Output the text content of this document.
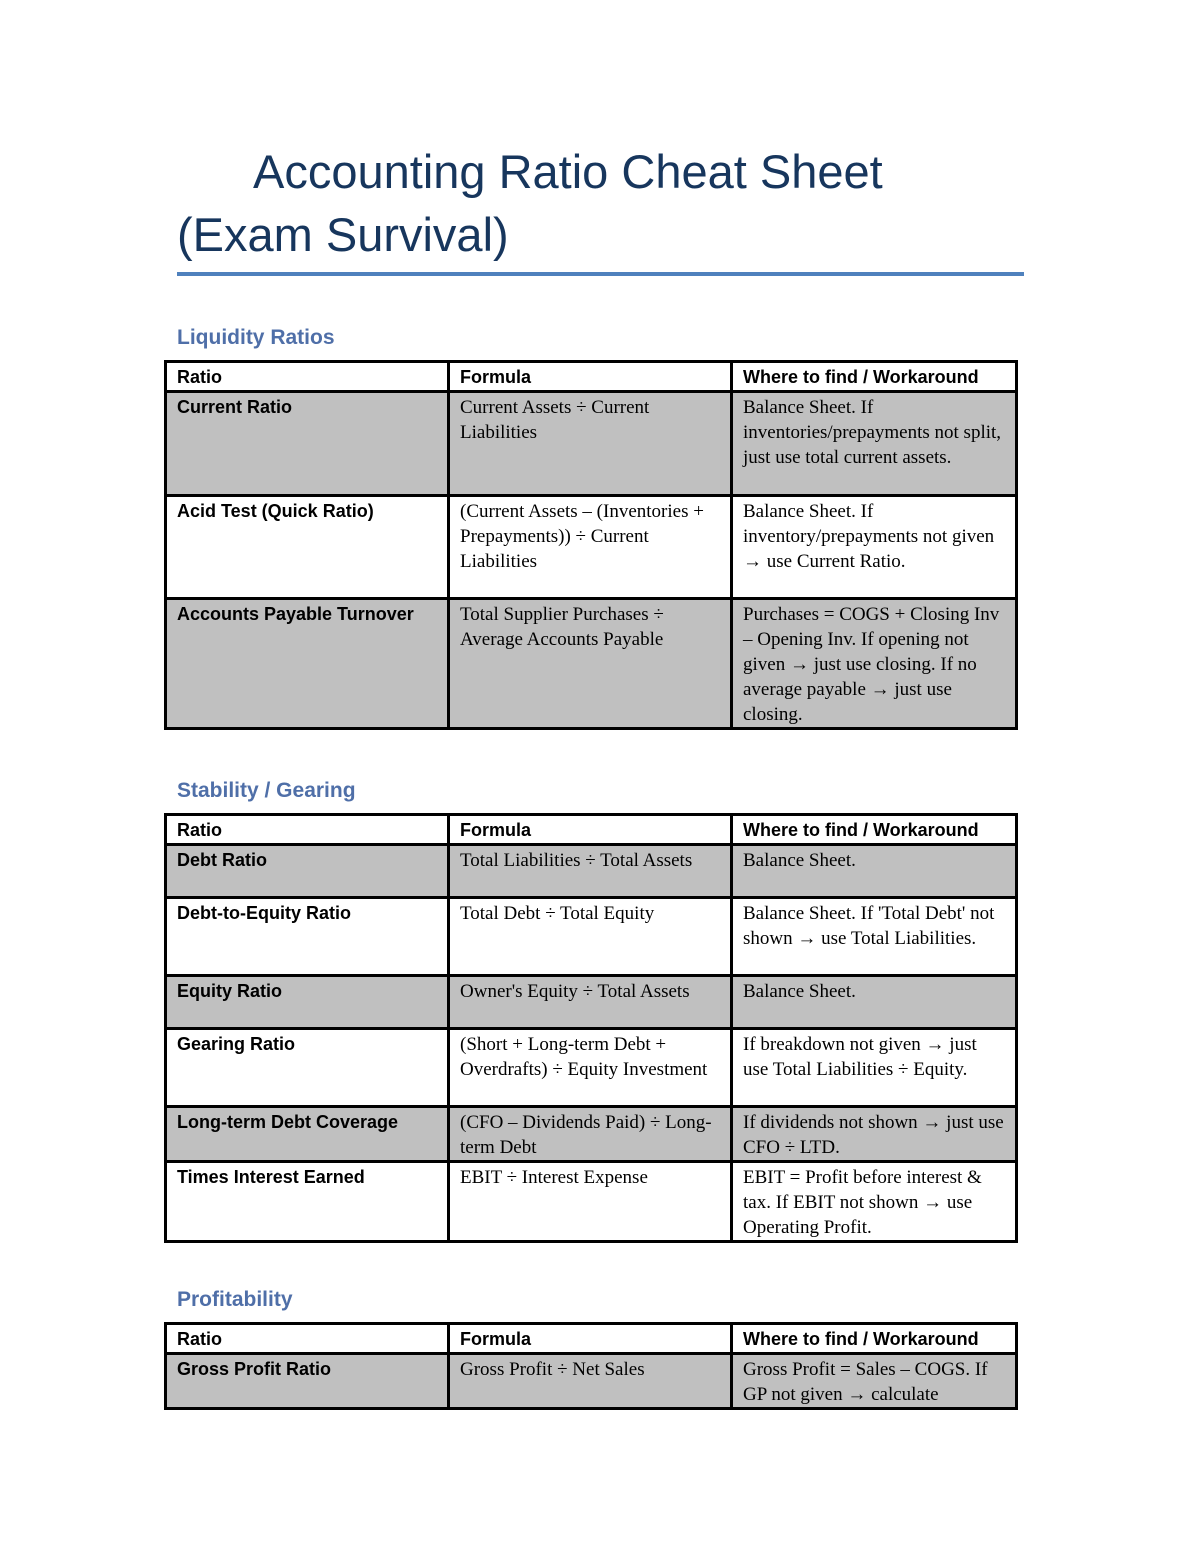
Accounting Ratio Cheat Sheet (Exam Survival)
Liquidity Ratios
Ratio	Formula	Where to find / Workaround
Current Ratio	Current Assets ÷ Current Liabilities	Balance Sheet. If inventories/prepayments not split, just use total current assets.
Acid Test (Quick Ratio)	(Current Assets – (Inventories + Prepayments)) ÷ Current Liabilities	Balance Sheet. If inventory/prepayments not given → use Current Ratio.
Accounts Payable Turnover	Total Supplier Purchases ÷ Average Accounts Payable	Purchases = COGS + Closing Inv – Opening Inv. If opening not given → just use closing. If no average payable → just use closing.
Stability / Gearing
Ratio	Formula	Where to find / Workaround
Debt Ratio	Total Liabilities ÷ Total Assets	Balance Sheet.
Debt-to-Equity Ratio	Total Debt ÷ Total Equity	Balance Sheet. If 'Total Debt' not shown → use Total Liabilities.
Equity Ratio	Owner's Equity ÷ Total Assets	Balance Sheet.
Gearing Ratio	(Short + Long-term Debt + Overdrafts) ÷ Equity Investment	If breakdown not given → just use Total Liabilities ÷ Equity.
Long-term Debt Coverage	(CFO – Dividends Paid) ÷ Long-term Debt	If dividends not shown → just use CFO ÷ LTD.
Times Interest Earned	EBIT ÷ Interest Expense	EBIT = Profit before interest & tax. If EBIT not shown → use Operating Profit.
Profitability
Ratio	Formula	Where to find / Workaround
Gross Profit Ratio	Gross Profit ÷ Net Sales	Gross Profit = Sales – COGS. If GP not given → calculate
